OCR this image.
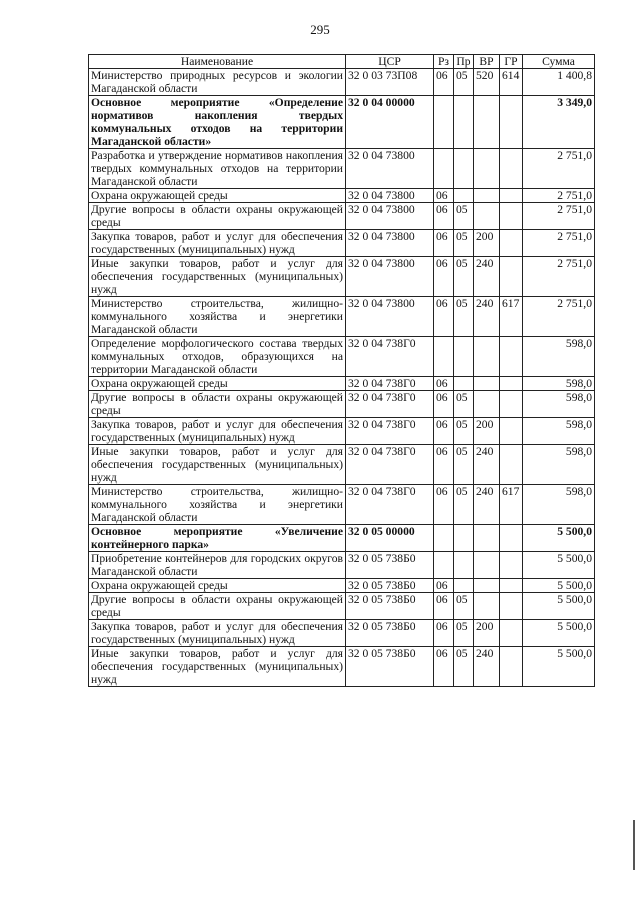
295
Наименование	ЦСР	Рз	Пр	ВР	ГР	Сумма
Министерство природных ресурсов и экологии Магаданской области	32 0 03 73П08	06	05	520	614	1 400,8
Основное мероприятие «Определение нормативов накопления твердых коммунальных отходов на территории Магаданской области»	32 0 04 00000					3 349,0
Разработка и утверждение нормативов накопления твердых коммунальных отходов на территории Магаданской области	32 0 04 73800					2 751,0
Охрана окружающей среды	32 0 04 73800	06				2 751,0
Другие вопросы в области охраны окружающей среды	32 0 04 73800	06	05			2 751,0
Закупка товаров, работ и услуг для обеспечения государственных (муниципальных) нужд	32 0 04 73800	06	05	200		2 751,0
Иные закупки товаров, работ и услуг для обеспечения государственных (муниципальных) нужд	32 0 04 73800	06	05	240		2 751,0
Министерство строительства, жилищно-коммунального хозяйства и энергетики Магаданской области	32 0 04 73800	06	05	240	617	2 751,0
Определение морфологического состава твердых коммунальных отходов, образующихся на территории Магаданской области	32 0 04 738Г0					598,0
Охрана окружающей среды	32 0 04 738Г0	06				598,0
Другие вопросы в области охраны окружающей среды	32 0 04 738Г0	06	05			598,0
Закупка товаров, работ и услуг для обеспечения государственных (муниципальных) нужд	32 0 04 738Г0	06	05	200		598,0
Иные закупки товаров, работ и услуг для обеспечения государственных (муниципальных) нужд	32 0 04 738Г0	06	05	240		598,0
Министерство строительства, жилищно-коммунального хозяйства и энергетики Магаданской области	32 0 04 738Г0	06	05	240	617	598,0
Основное мероприятие «Увеличение контейнерного парка»	32 0 05 00000					5 500,0
Приобретение контейнеров для городских округов Магаданской области	32 0 05 738Б0					5 500,0
Охрана окружающей среды	32 0 05 738Б0	06				5 500,0
Другие вопросы в области охраны окружающей среды	32 0 05 738Б0	06	05			5 500,0
Закупка товаров, работ и услуг для обеспечения государственных (муниципальных) нужд	32 0 05 738Б0	06	05	200		5 500,0
Иные закупки товаров, работ и услуг для обеспечения государственных (муниципальных) нужд	32 0 05 738Б0	06	05	240		5 500,0
